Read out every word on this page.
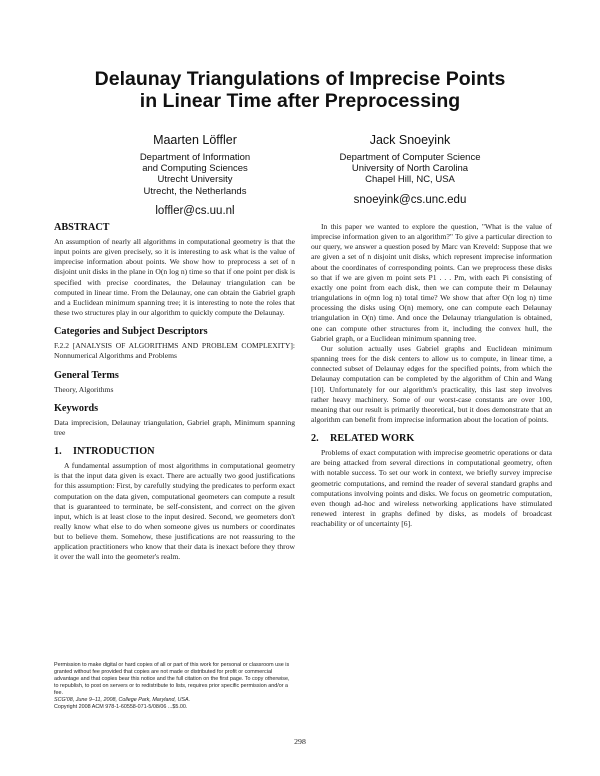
Delaunay Triangulations of Imprecise Points
in Linear Time after Preprocessing
Maarten Löffler
Department of Information
and Computing Sciences
Utrecht University
Utrecht, the Netherlands
loffler@cs.uu.nl
Jack Snoeyink
Department of Computer Science
University of North Carolina
Chapel Hill, NC, USA
snoeyink@cs.unc.edu
ABSTRACT

An assumption of nearly all algorithms in computational geometry is that the input points are given precisely, so it is interesting to ask what is the value of imprecise information about points. We show how to preprocess a set of n disjoint unit disks in the plane in O(n log n) time so that if one point per disk is specified with precise coordinates, the Delaunay triangulation can be computed in linear time. From the Delaunay, one can obtain the Gabriel graph and a Euclidean minimum spanning tree; it is interesting to note the roles that these two structures play in our algorithm to quickly compute the Delaunay.

Categories and Subject Descriptors

F.2.2 [ANALYSIS OF ALGORITHMS AND PROBLEM COMPLEXITY]: Nonnumerical Algorithms and Problems

General Terms

Theory, Algorithms

Keywords

Data imprecision, Delaunay triangulation, Gabriel graph, Minimum spanning tree

1.	INTRODUCTION

A fundamental assumption of most algorithms in computational geometry is that the input data given is exact. There are actually two good justifications for this assumption: First, by carefully studying the predicates to perform exact computation on the data given, computational geometers can compute a result that is guaranteed to terminate, be self-consistent, and correct on the given input, which is at least close to the input desired. Second, we geometers don't really know what else to do when someone gives us numbers or coordinates but to believe them. Somehow, these justifications are not reassuring to the application practitioners who know that their data is inexact before they throw it over the wall into the geometer's realm.

In this paper we wanted to explore the question, "What is the value of imprecise information given to an algorithm?" To give a particular direction to our query, we answer a question posed by Marc van Kreveld: Suppose that we are given a set of n disjoint unit disks, which represent imprecise information about the coordinates of corresponding points. Can we preprocess these disks so that if we are given m point sets P1 . . . Pm, with each Pi consisting of exactly one point from each disk, then we can compute their m Delaunay triangulations in o(mn log n) total time? We show that after O(n log n) time processing the disks using O(n) memory, one can compute each Delaunay triangulation in O(n) time. And once the Delaunay triangulation is obtained, one can compute other structures from it, including the convex hull, the Gabriel graph, or a Euclidean minimum spanning tree.

Our solution actually uses Gabriel graphs and Euclidean minimum spanning trees for the disk centers to allow us to compute, in linear time, a connected subset of Delaunay edges for the specified points, from which the Delaunay computation can be completed by the algorithm of Chin and Wang [10]. Unfortunately for our algorithm's practicality, this last step involves rather heavy machinery. Some of our worst-case constants are over 100, meaning that our result is primarily theoretical, but it does demonstrate that an algorithm can benefit from imprecise information about the location of points.

2.	RELATED WORK

Problems of exact computation with imprecise geometric operations or data are being attacked from several directions in computational geometry, often with notable success. To set our work in context, we briefly survey imprecise geometric computations, and remind the reader of several standard graphs and computations involving points and disks. We focus on geometric computation, even though ad-hoc and wireless networking applications have stimulated renewed interest in graphs defined by disks, as models of broadcast reachability or of uncertainty [6].

Permission to make digital or hard copies of all or part of this work for personal or classroom use is granted without fee provided that copies are not made or distributed for profit or commercial advantage and that copies bear this notice and the full citation on the first page. To copy otherwise, to republish, to post on servers or to redistribute to lists, requires prior specific permission and/or a fee.

SCG'08, June 9–11, 2008, College Park, Maryland, USA.

Copyright 2008 ACM 978-1-60558-071-5/08/06 ...$5.00.

298
